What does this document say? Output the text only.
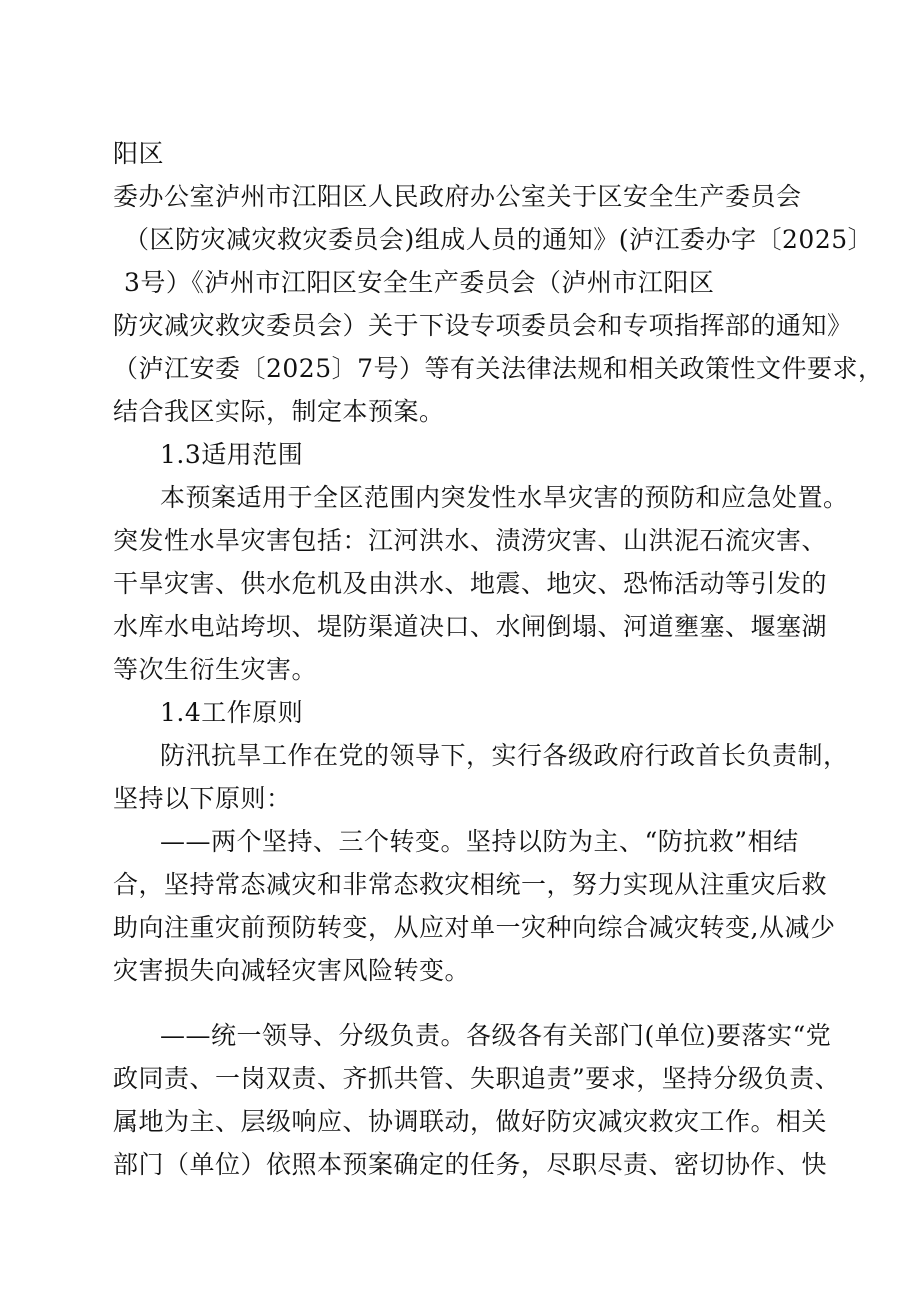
阳区
委办公室泸州市江阳区人民政府办公室关于区安全生产委员会
（区防灾减灾救灾委员会)组成人员的通知》(泸江委办字〔2025〕
3号）《泸州市江阳区安全生产委员会（泸州市江阳区
防灾减灾救灾委员会）关于下设专项委员会和专项指挥部的通知》
（泸江安委〔2025〕7号）等有关法律法规和相关政策性文件要求，
结合我区实际，制定本预案。
1.3适用范围
本预案适用于全区范围内突发性水旱灾害的预防和应急处置。
突发性水旱灾害包括：江河洪水、渍涝灾害、山洪泥石流灾害、
干旱灾害、供水危机及由洪水、地震、地灾、恐怖活动等引发的
水库水电站垮坝、堤防渠道决口、水闸倒塌、河道壅塞、堰塞湖
等次生衍生灾害。
1.4工作原则
防汛抗旱工作在党的领导下，实行各级政府行政首长负责制，
坚持以下原则：
——两个坚持、三个转变。坚持以防为主、“防抗救”相结
合，坚持常态减灾和非常态救灾相统一，努力实现从注重灾后救
助向注重灾前预防转变，从应对单一灾种向综合减灾转变,从减少
灾害损失向减轻灾害风险转变。
——统一领导、分级负责。各级各有关部门(单位)要落实“党
政同责、一岗双责、齐抓共管、失职追责”要求，坚持分级负责、
属地为主、层级响应、协调联动，做好防灾减灾救灾工作。相关
部门（单位）依照本预案确定的任务，尽职尽责、密切协作、快
